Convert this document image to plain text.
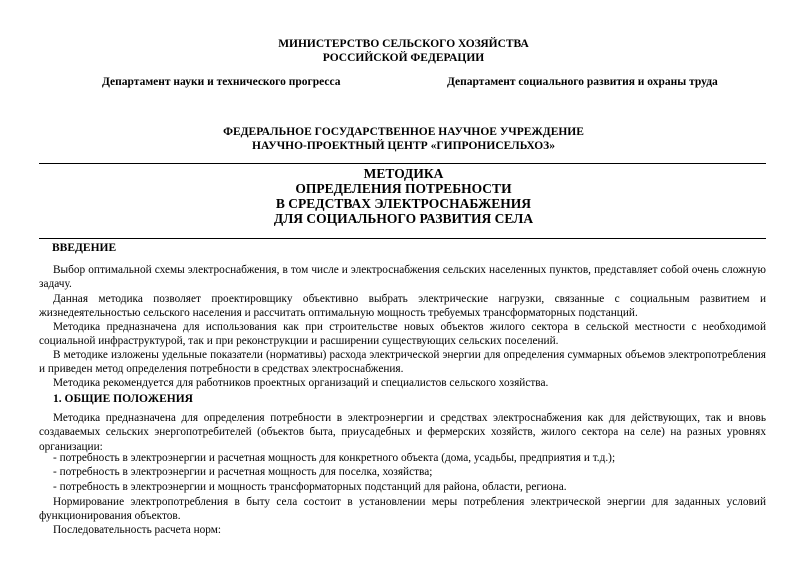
МИНИСТЕРСТВО СЕЛЬСКОГО ХОЗЯЙСТВА
РОССИЙСКОЙ ФЕДЕРАЦИИ
Департамент науки и технического прогресса	Департамент социального развития и охраны труда
ФЕДЕРАЛЬНОЕ ГОСУДАРСТВЕННОЕ НАУЧНОЕ УЧРЕЖДЕНИЕ
НАУЧНО-ПРОЕКТНЫЙ ЦЕНТР «ГИПРОНИСЕЛЬХОЗ»
МЕТОДИКА
ОПРЕДЕЛЕНИЯ ПОТРЕБНОСТИ
В СРЕДСТВАХ ЭЛЕКТРОСНАБЖЕНИЯ
ДЛЯ СОЦИАЛЬНОГО РАЗВИТИЯ СЕЛА
ВВЕДЕНИЕ
Выбор оптимальной схемы электроснабжения, в том числе и электроснабжения сельских населенных пунктов, представляет собой очень сложную задачу.
Данная методика позволяет проектировщику объективно выбрать электрические нагрузки, связанные с социальным развитием и жизнедеятельностью сельского населения и рассчитать оптимальную мощность требуемых трансформаторных подстанций.
Методика предназначена для использования как при строительстве новых объектов жилого сектора в сельской местности с необходимой социальной инфраструктурой, так и при реконструкции и расширении существующих сельских поселений.
В методике изложены удельные показатели (нормативы) расхода электрической энергии для определения суммарных объемов электропотребления и приведен метод определения потребности в средствах электроснабжения.
Методика рекомендуется для работников проектных организаций и специалистов сельского хозяйства.
1. ОБЩИЕ ПОЛОЖЕНИЯ
Методика предназначена для определения потребности в электроэнергии и средствах электроснабжения как для действующих, так и вновь создаваемых сельских энергопотребителей (объектов быта, приусадебных и фермерских хозяйств, жилого сектора на селе) на разных уровнях организации:
- потребность в электроэнергии и расчетная мощность для конкретного объекта (дома, усадьбы, предприятия и т.д.);
- потребность в электроэнергии и расчетная мощность для поселка, хозяйства;
- потребность в электроэнергии и мощность трансформаторных подстанций для района, области, региона.
Нормирование электропотребления в быту села состоит в установлении меры потребления электрической энергии для заданных условий функционирования объектов.
Последовательность расчета норм:
